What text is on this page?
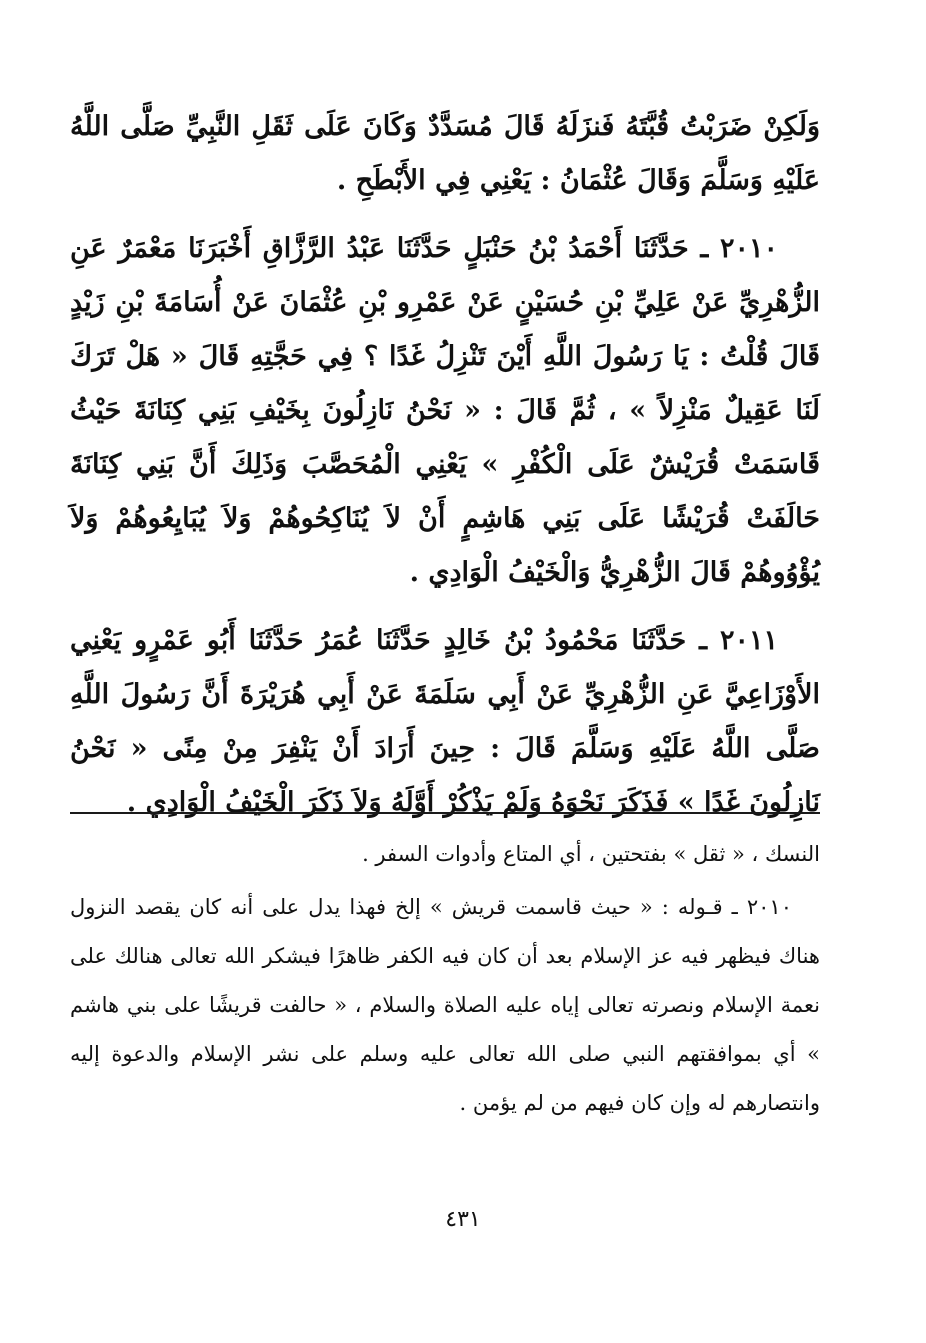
وَلَكِنْ ضَرَبْتُ قُبَّتَهُ فَنزَلَهُ قَالَ مُسَدَّدٌ وَكَانَ عَلَى ثَقَلِ النَّبِيِّ صَلَّى اللَّهُ عَلَيْهِ وَسَلَّمَ وَقَالَ عُثْمَانُ : يَعْنِي فِي الأَبْطَحِ .

٢٠١٠ ـ حَدَّثَنَا أَحْمَدُ بْنُ حَنْبَلٍ حَدَّثَنَا عَبْدُ الرَّزَّاقِ أَخْبَرَنَا مَعْمَرٌ عَنِ الزُّهْرِيِّ عَنْ عَلِيِّ بْنِ حُسَيْنٍ عَنْ عَمْرِو بْنِ عُثْمَانَ عَنْ أُسَامَةَ بْنِ زَيْدٍ قَالَ قُلْتُ : يَا رَسُولَ اللَّهِ أَيْنَ تَنْزِلُ غَدًا ؟ فِي حَجَّتِهِ قَالَ « هَلْ تَرَكَ لَنَا عَقِيلٌ مَنْزِلاً » ، ثُمَّ قَالَ : « نَحْنُ نَازِلُونَ بِخَيْفِ بَنِي كِنَانَةَ حَيْثُ قَاسَمَتْ قُرَيْشٌ عَلَى الْكُفْرِ » يَعْنِي الْمُحَصَّبَ وَذَلِكَ أَنَّ بَنِي كِنَانَةَ حَالَفَتْ قُرَيْشًا عَلَى بَنِي هَاشِمٍ أَنْ لاَ يُنَاكِحُوهُمْ وَلاَ يُبَايِعُوهُمْ وَلاَ يُؤْوُوهُمْ قَالَ الزُّهْرِيُّ وَالْخَيْفُ الْوَادِي .

٢٠١١ ـ حَدَّثَنَا مَحْمُودُ بْنُ خَالِدٍ حَدَّثَنَا عُمَرُ حَدَّثَنَا أَبُو عَمْرٍو يَعْنِي الأَوْزَاعِيَّ عَنِ الزُّهْرِيِّ عَنْ أَبِي سَلَمَةَ عَنْ أَبِي هُرَيْرَةَ أَنَّ رَسُولَ اللَّهِ صَلَّى اللَّهُ عَلَيْهِ وَسَلَّمَ قَالَ : حِينَ أَرَادَ أَنْ يَنْفِرَ مِنْ مِنًى « نَحْنُ نَازِلُونَ غَدًا » فَذَكَرَ نَحْوَهُ وَلَمْ يَذْكُرْ أَوَّلَهُ وَلاَ ذَكَرَ الْخَيْفُ الْوَادِي .

النسك ، « ثقل » بفتحتين ، أي المتاع وأدوات السفر .

٢٠١٠ ـ قـوله : « حيث قاسمت قريش » إلخ فهذا يدل على أنه كان يقصد النزول هناك فيظهر فيه عز الإسلام بعد أن كان فيه الكفر ظاهرًا فيشكر الله تعالى هنالك على نعمة الإسلام ونصرته تعالى إياه عليه الصلاة والسلام ، « حالفت قريشًا على بني هاشم » أي بموافقتهم النبي صلى الله تعالى عليه وسلم على نشر الإسلام والدعوة إليه وانتصارهم له وإن كان فيهم من لم يؤمن .

٤٣١
